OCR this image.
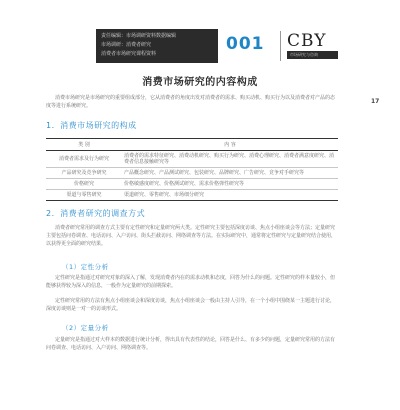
责任编辑：市场调研资料数据编辑
市场调研：消费者研究
消费者市场研究课程资料	001 CBY
市场研究与咨询
17
消费市场研究的内容构成
消费市场研究是市场研究的重要组成部分，它从消费者的角度出发对消费者的需求、购买动机、购买行为以及消费者对产品的态度等进行系统研究。
1．消费市场研究的构成
类 别	内 容
消费者需求及行为研究	消费者的需求特征研究、消费动机研究、购买行为研究、消费心理研究、消费者满意度研究、消费者信息接触研究等
产品研究及竞争研究	产品概念研究、产品测试研究、包装研究、品牌研究、广告研究、竞争对手研究等
价格研究	价格敏感度研究、价格测试研究、需求价格弹性研究等
渠道与零售研究	渠道研究、零售研究、市场细分研究
2．消费者研究的调查方式
消费者研究常用的调查方式主要有定性研究和定量研究两大类。定性研究主要包括深度访谈、焦点小组座谈会等方法；定量研究主要包括问卷调查、电话访问、入户访问、街头拦截访问、网络调查等方法。在实际研究中，通常将定性研究与定量研究结合使用，以获得更全面的研究结果。
（1）定性分析
定性研究是指通过对研究对象的深入了解，发现消费者内在的需求动机和态度，回答为什么的问题。定性研究的样本量较小，但能够获得较为深入的信息，一般作为定量研究的前期探索。
定性研究常用的方法有焦点小组座谈会和深度访谈，焦点小组座谈会一般由主持人引导，在一个小组中围绕某一主题进行讨论，深度访谈则是一对一的访谈形式。
（2）定量分析
定量研究是指通过对大样本的数据进行统计分析，得出具有代表性的结论，回答是什么、有多少的问题，定量研究常用的方法有问卷调查、电话访问、入户访问、网络调查等。
